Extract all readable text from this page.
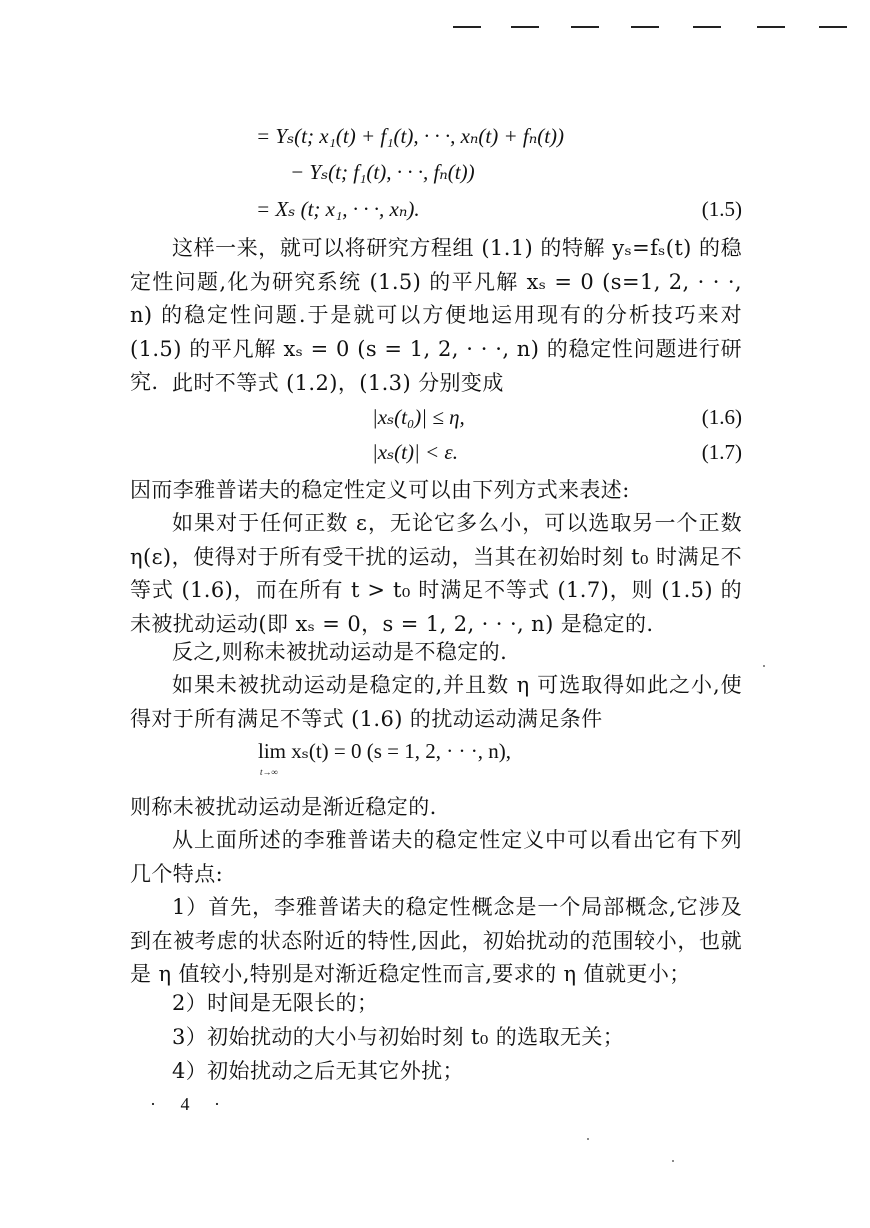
= Yₛ(t; x₁(t) + f₁(t), · · ·, xₙ(t) + fₙ(t))
− Yₛ(t; f₁(t), · · ·, fₙ(t))
= Xₛ (t; x₁, · · ·, xₙ).	(1.5)

这样一来，就可以将研究方程组 (1.1) 的特解 yₛ=fₛ(t) 的稳定性问题,化为研究系统 (1.5) 的平凡解 xₛ = 0 (s=1, 2, · · ·, n) 的稳定性问题.于是就可以方便地运用现有的分析技巧来对 (1.5) 的平凡解 xₛ = 0 (s = 1, 2, · · ·, n) 的稳定性问题进行研究. 此时不等式 (1.2)，(1.3) 分别变成
|xₛ(t₀)| ≤ η,	(1.6)
|xₛ(t)| < ε.	(1.7)
因而李雅普诺夫的稳定性定义可以由下列方式来表述:

如果对于任何正数 ε，无论它多么小，可以选取另一个正数 η(ε)，使得对于所有受干扰的运动，当其在初始时刻 t₀ 时满足不等式 (1.6)，而在所有 t > t₀ 时满足不等式 (1.7)，则 (1.5) 的未被扰动运动(即 xₛ = 0，s = 1, 2, · · ·, n) 是稳定的.

反之,则称未被扰动运动是不稳定的.

如果未被扰动运动是稳定的,并且数 η 可选取得如此之小,使得对于所有满足不等式 (1.6) 的扰动运动满足条件

lim xₛ(t) = 0 (s = 1, 2, · · ·, n),
t→∞
则称未被扰动运动是渐近稳定的.

从上面所述的李雅普诺夫的稳定性定义中可以看出它有下列几个特点:

1）首先，李雅普诺夫的稳定性概念是一个局部概念,它涉及到在被考虑的状态附近的特性,因此，初始扰动的范围较小，也就是 η 值较小,特别是对渐近稳定性而言,要求的 η 值就更小；

2）时间是无限长的；
3）初始扰动的大小与初始时刻 t₀ 的选取无关；
4）初始扰动之后无其它外扰；
· 4 ·
